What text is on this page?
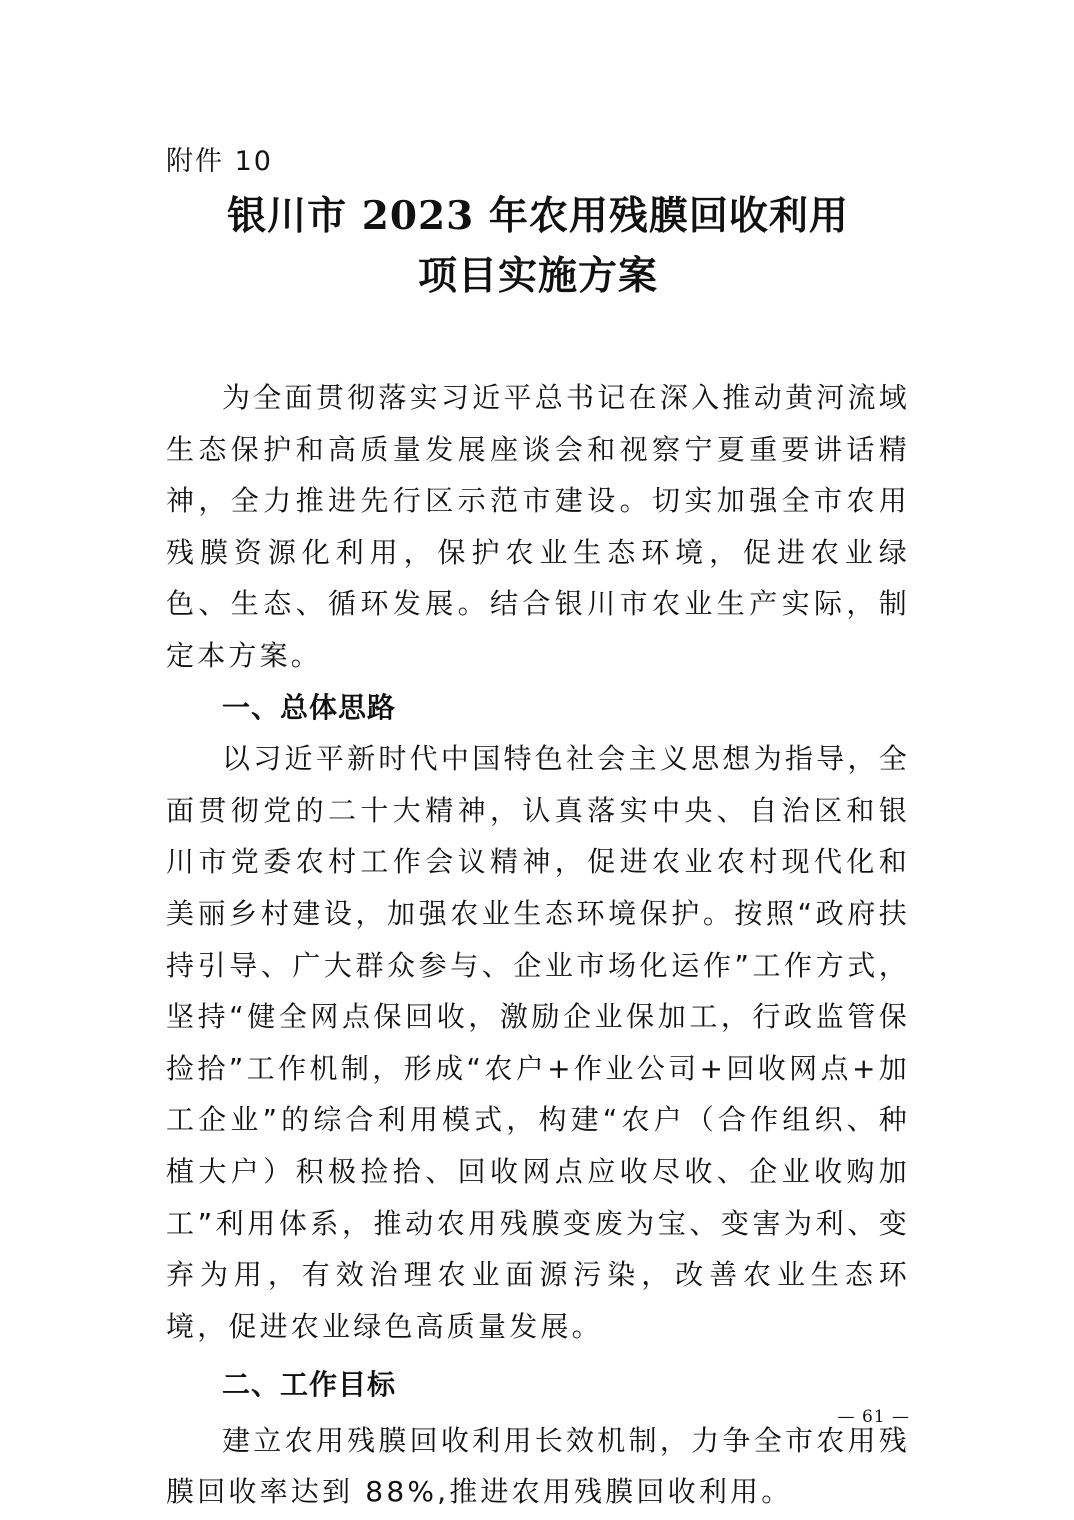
附件 10
银川市 2023 年农用残膜回收利用
项目实施方案

为全面贯彻落实习近平总书记在深入推动黄河流域生态保护和高质量发展座谈会和视察宁夏重要讲话精神，全力推进先行区示范市建设。切实加强全市农用残膜资源化利用，保护农业生态环境，促进农业绿色、生态、循环发展。结合银川市农业生产实际，制定本方案。

一、总体思路

以习近平新时代中国特色社会主义思想为指导，全面贯彻党的二十大精神，认真落实中央、自治区和银川市党委农村工作会议精神，促进农业农村现代化和美丽乡村建设，加强农业生态环境保护。按照“政府扶持引导、广大群众参与、企业市场化运作”工作方式，坚持“健全网点保回收，激励企业保加工，行政监管保捡拾”工作机制，形成“农户+作业公司+回收网点+加工企业”的综合利用模式，构建“农户（合作组织、种植大户）积极捡拾、回收网点应收尽收、企业收购加工”利用体系，推动农用残膜变废为宝、变害为利、变弃为用，有效治理农业面源污染，改善农业生态环境，促进农业绿色高质量发展。

二、工作目标

建立农用残膜回收利用长效机制，力争全市农用残膜回收率达到 88%,推进农用残膜回收利用。

— 61 —
